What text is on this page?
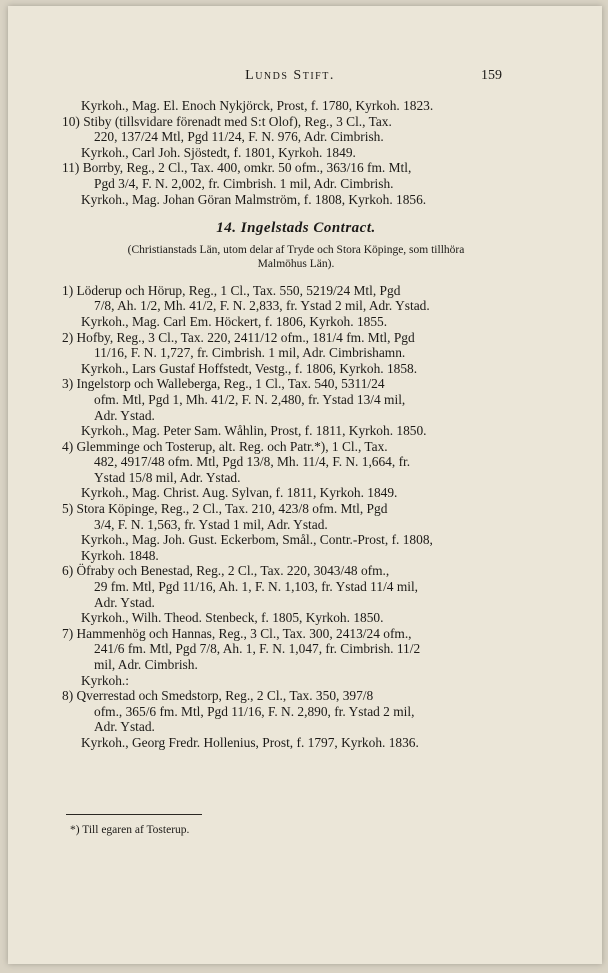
Lunds Stift.	159
Kyrkoh., Mag. El. Enoch Nykjörck, Prost, f. 1780, Kyrkoh. 1823.
10) Stiby (tillsvidare förenadt med S:t Olof), Reg., 3 Cl., Tax.
220, 137/24 Mtl, Pgd 11/24, F. N. 976, Adr. Cimbrish.
Kyrkoh., Carl Joh. Sjöstedt, f. 1801, Kyrkoh. 1849.
11) Borrby, Reg., 2 Cl., Tax. 400, omkr. 50 ofm., 363/16 fm. Mtl,
Pgd 3/4, F. N. 2,002, fr. Cimbrish. 1 mil, Adr. Cimbrish.
Kyrkoh., Mag. Johan Göran Malmström, f. 1808, Kyrkoh. 1856.
14. Ingelstads Contract.
(Christianstads Län, utom delar af Tryde och Stora Köpinge, som tillhöra
Malmöhus Län).
1) Löderup och Hörup, Reg., 1 Cl., Tax. 550, 5219/24 Mtl, Pgd
7/8, Ah. 1/2, Mh. 41/2, F. N. 2,833, fr. Ystad 2 mil, Adr. Ystad.
Kyrkoh., Mag. Carl Em. Höckert, f. 1806, Kyrkoh. 1855.
2) Hofby, Reg., 3 Cl., Tax. 220, 2411/12 ofm., 181/4 fm. Mtl, Pgd
11/16, F. N. 1,727, fr. Cimbrish. 1 mil, Adr. Cimbrishamn.
Kyrkoh., Lars Gustaf Hoffstedt, Vestg., f. 1806, Kyrkoh. 1858.
3) Ingelstorp och Walleberga, Reg., 1 Cl., Tax. 540, 5311/24
ofm. Mtl, Pgd 1, Mh. 41/2, F. N. 2,480, fr. Ystad 13/4 mil,
Adr. Ystad.
Kyrkoh., Mag. Peter Sam. Wåhlin, Prost, f. 1811, Kyrkoh. 1850.
4) Glemminge och Tosterup, alt. Reg. och Patr.*), 1 Cl., Tax.
482, 4917/48 ofm. Mtl, Pgd 13/8, Mh. 11/4, F. N. 1,664, fr.
Ystad 15/8 mil, Adr. Ystad.
Kyrkoh., Mag. Christ. Aug. Sylvan, f. 1811, Kyrkoh. 1849.
5) Stora Köpinge, Reg., 2 Cl., Tax. 210, 423/8 ofm. Mtl, Pgd
3/4, F. N. 1,563, fr. Ystad 1 mil, Adr. Ystad.
Kyrkoh., Mag. Joh. Gust. Eckerbom, Smål., Contr.-Prost, f. 1808,
Kyrkoh. 1848.
6) Öfraby och Benestad, Reg., 2 Cl., Tax. 220, 3043/48 ofm.,
29 fm. Mtl, Pgd 11/16, Ah. 1, F. N. 1,103, fr. Ystad 11/4 mil,
Adr. Ystad.
Kyrkoh., Wilh. Theod. Stenbeck, f. 1805, Kyrkoh. 1850.
7) Hammenhög och Hannas, Reg., 3 Cl., Tax. 300, 2413/24 ofm.,
241/6 fm. Mtl, Pgd 7/8, Ah. 1, F. N. 1,047, fr. Cimbrish. 11/2
mil, Adr. Cimbrish.
Kyrkoh.:
8) Qverrestad och Smedstorp, Reg., 2 Cl., Tax. 350, 397/8
ofm., 365/6 fm. Mtl, Pgd 11/16, F. N. 2,890, fr. Ystad 2 mil,
Adr. Ystad.
Kyrkoh., Georg Fredr. Hollenius, Prost, f. 1797, Kyrkoh. 1836.
*) Till egaren af Tosterup.
